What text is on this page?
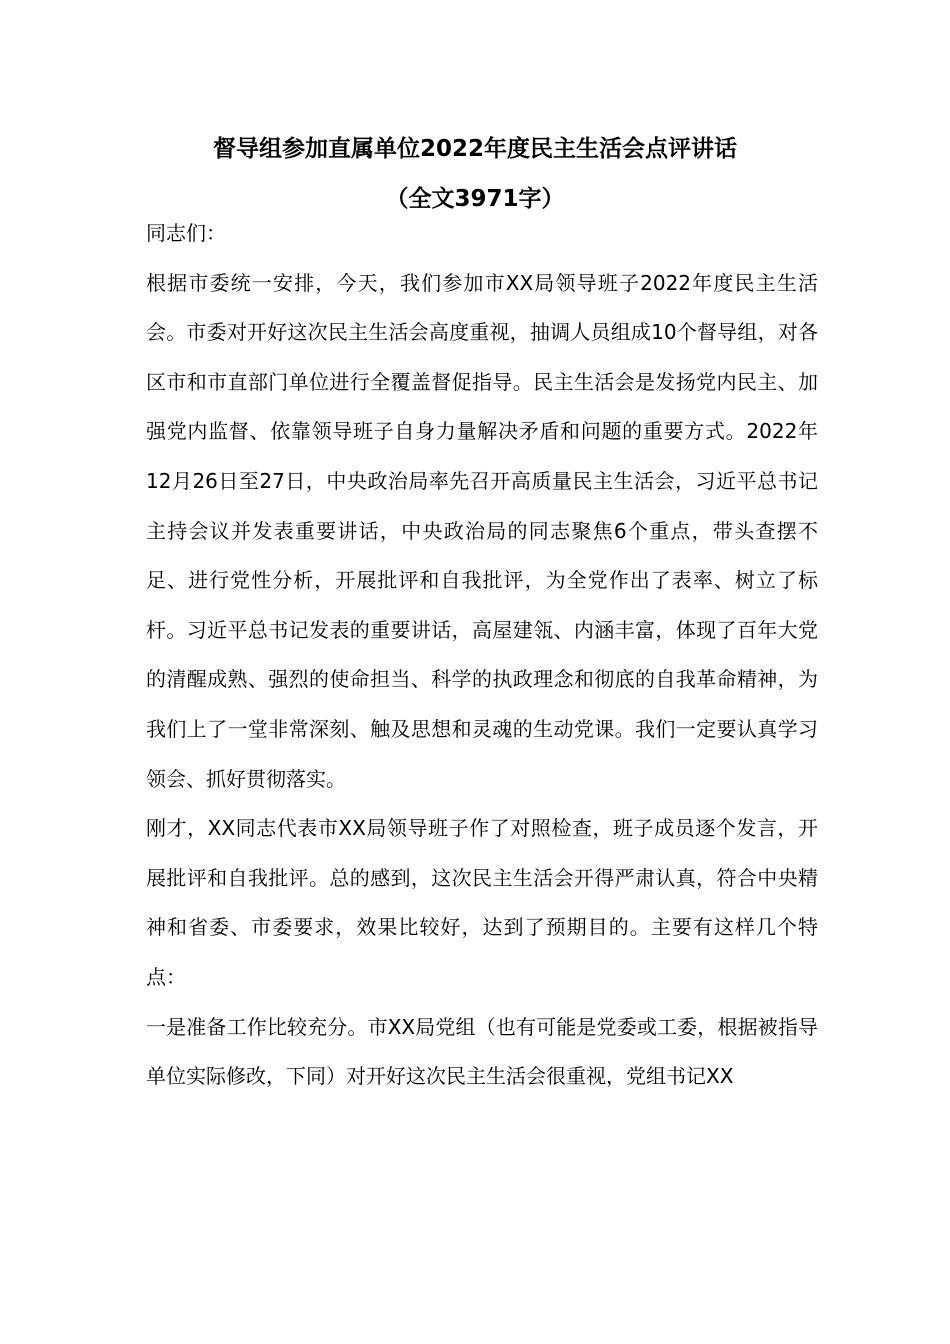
督导组参加直属单位2022年度民主生活会点评讲话
（全文3971字）

同志们：

根据市委统一安排，今天，我们参加市XX局领导班子2022年度民主生活会。市委对开好这次民主生活会高度重视，抽调人员组成10个督导组，对各区市和市直部门单位进行全覆盖督促指导。民主生活会是发扬党内民主、加强党内监督、依靠领导班子自身力量解决矛盾和问题的重要方式。2022年12月26日至27日，中央政治局率先召开高质量民主生活会，习近平总书记主持会议并发表重要讲话，中央政治局的同志聚焦6个重点，带头查摆不足、进行党性分析，开展批评和自我批评，为全党作出了表率、树立了标杆。习近平总书记发表的重要讲话，高屋建瓴、内涵丰富，体现了百年大党的清醒成熟、强烈的使命担当、科学的执政理念和彻底的自我革命精神，为我们上了一堂非常深刻、触及思想和灵魂的生动党课。我们一定要认真学习领会、抓好贯彻落实。

刚才，XX同志代表市XX局领导班子作了对照检查，班子成员逐个发言，开展批评和自我批评。总的感到，这次民主生活会开得严肃认真，符合中央精神和省委、市委要求，效果比较好，达到了预期目的。主要有这样几个特点：

一是准备工作比较充分。市XX局党组（也有可能是党委或工委，根据被指导单位实际修改，下同）对开好这次民主生活会很重视，党组书记XX
